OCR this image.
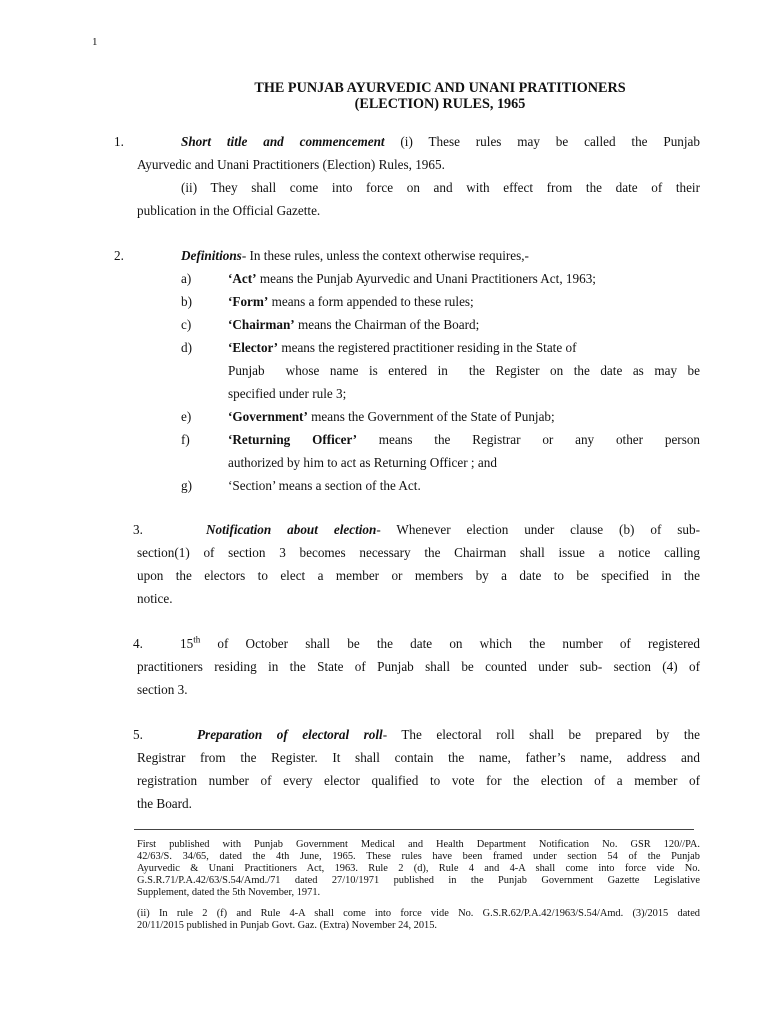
1
THE PUNJAB AYURVEDIC AND UNANI PRATITIONERS
(ELECTION) RULES, 1965
1.	Short title and commencement (i) These rules may be called the Punjab
Ayurvedic and Unani Practitioners (Election) Rules, 1965.
(ii) They shall come into force on and with effect from the date of their
publication in the Official Gazette.
2.	Definitions- In these rules, unless the context otherwise requires,-
a)	‘Act’ means the Punjab Ayurvedic and Unani Practitioners Act, 1963;
b)	‘Form’ means a form appended to these rules;
c)	‘Chairman’ means the Chairman of the Board;
d)	‘Elector’ means the registered practitioner residing in the State of
Punjab  whose name is entered in  the Register on the date as may be
specified under rule 3;
e)	‘Government’ means the Government of the State of Punjab;
f)	‘Returning Officer’ means the Registrar or any other person
authorized by him to act as Returning Officer ; and
g)	‘Section’ means a section of the Act.
3.	Notification about election- Whenever election under clause (b) of sub-
section(1) of section 3 becomes necessary the Chairman shall issue a notice calling
upon the electors to elect a member or members by a date to be specified in the
notice.
4.	15th of October shall be the date on which the number of registered
practitioners residing in the State of Punjab shall be counted under sub- section (4) of
section 3.
5.	Preparation of electoral roll- The electoral roll shall be prepared by the
Registrar from the Register. It shall contain the name, father’s name, address and
registration number of every elector qualified to vote for the election of a member of
the Board.
First published with Punjab Government Medical and Health Department Notification No. GSR 120//PA.
42/63/S. 34/65, dated the 4th June, 1965. These rules have been framed under section 54 of the Punjab
Ayurvedic & Unani Practitioners Act, 1963. Rule 2 (d), Rule 4 and 4-A shall come into force vide No.
G.S.R.71/P.A.42/63/S.54/Amd./71 dated 27/10/1971 published in the Punjab Government Gazette Legislative
Supplement, dated the 5th November, 1971.
(ii) In rule 2 (f) and Rule 4-A shall come into force vide No. G.S.R.62/P.A.42/1963/S.54/Amd. (3)/2015 dated
20/11/2015 published in Punjab Govt. Gaz. (Extra) November 24, 2015.
